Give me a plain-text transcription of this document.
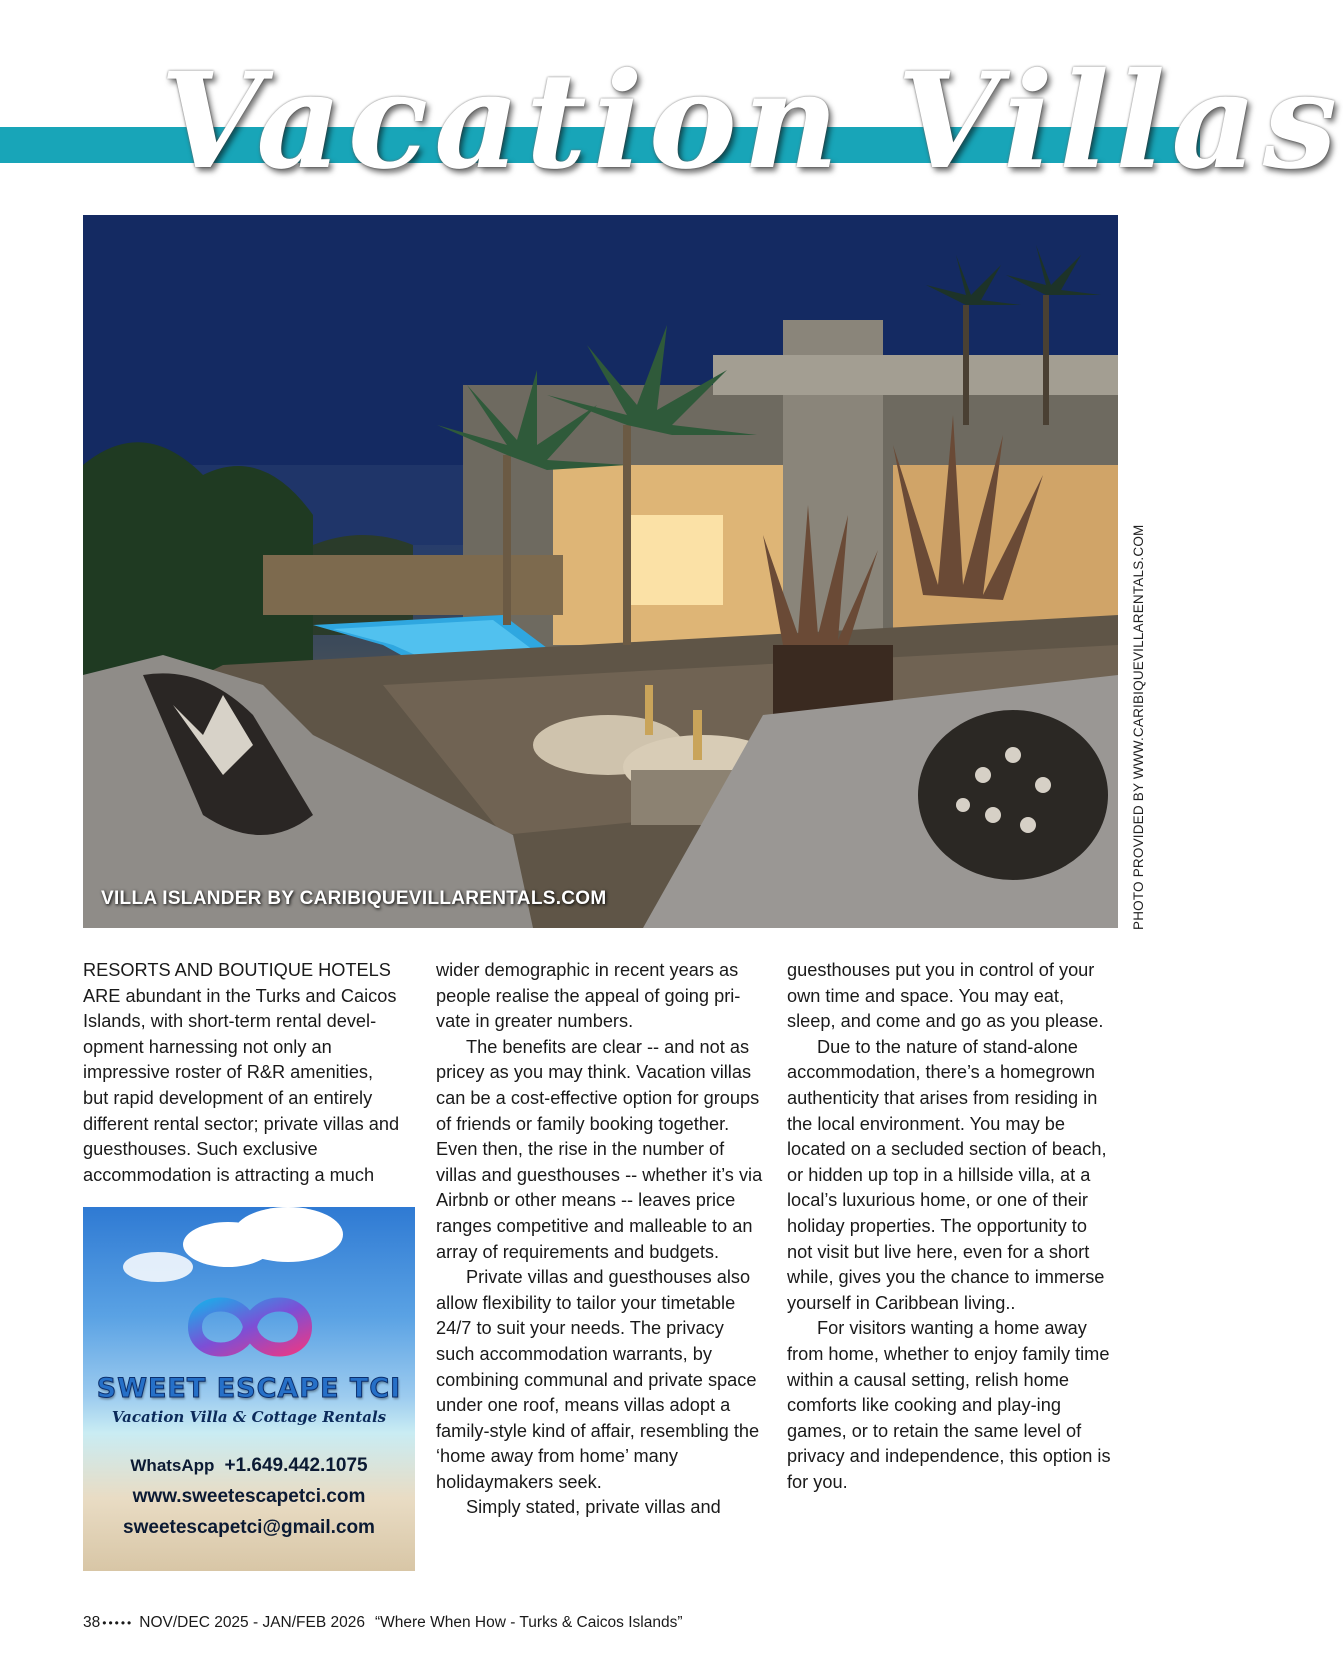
Vacation Villas
VILLA ISLANDER BY CARIBIQUEVILLARENTALS.COM	PHOTO PROVIDED BY WWW.CARIBIQUEVILLARENTALS.COM

RESORTS AND BOUTIQUE HOTELS ARE abundant in the Turks and Caicos Islands, with short-term rental devel-opment harnessing not only an impressive roster of R&R amenities, but rapid development of an entirely different rental sector; private villas and guesthouses. Such exclusive accommodation is attracting a much

SWEET ESCAPE TCI
Vacation Villa & Cottage Rentals
WhatsApp +1.649.442.1075
www.sweetescapetci.com
sweetescapetci@gmail.com

wider demographic in recent years as people realise the appeal of going pri-vate in greater numbers.

The benefits are clear -- and not as pricey as you may think. Vacation villas can be a cost-effective option for groups of friends or family booking together. Even then, the rise in the number of villas and guesthouses -- whether it’s via Airbnb or other means -- leaves price ranges competitive and malleable to an array of requirements and budgets.

Private villas and guesthouses also allow flexibility to tailor your timetable 24/7 to suit your needs. The privacy such accommodation warrants, by combining communal and private space under one roof, means villas adopt a family-style kind of affair, resembling the ‘home away from home’ many holidaymakers seek.

Simply stated, private villas and

guesthouses put you in control of your own time and space. You may eat, sleep, and come and go as you please.

Due to the nature of stand-alone accommodation, there’s a homegrown authenticity that arises from residing in the local environment. You may be located on a secluded section of beach, or hidden up top in a hillside villa, at a local’s luxurious home, or one of their holiday properties. The opportunity to not visit but live here, even for a short while, gives you the chance to immerse yourself in Caribbean living..

For visitors wanting a home away from home, whether to enjoy family time within a causal setting, relish home comforts like cooking and play-ing games, or to retain the same level of privacy and independence, this option is for you.

38 ••••• NOV/DEC 2025 - JAN/FEB 2026 “Where When How - Turks & Caicos Islands”
